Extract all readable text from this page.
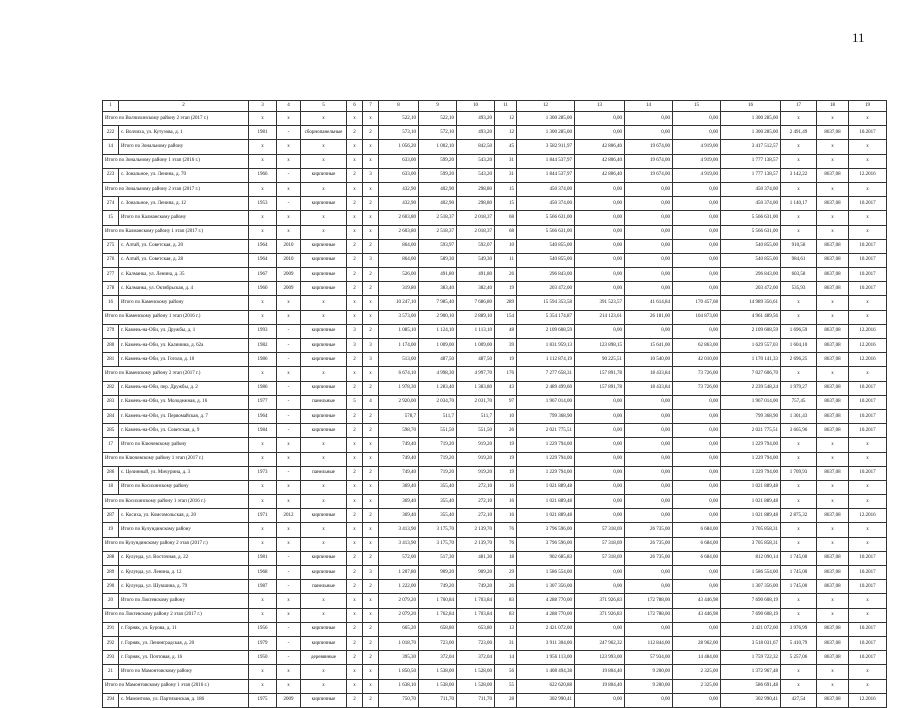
11
1	2	3	4	5	6	7	8	9	10	11	12	13	14	15	16	17	18	19
Итого по Волчихинскому району 2 этап (2017 г.)		x	x	x	x	x	522,10	522,10	493,20	12	1 300 285,00	0,00	0,00	0,00	1 300 285,00	x	x	x
222	с. Волчиха, ул. Кутузова, д. 1	1981	-	сборнопанельные	2	2	573,10	572,10	493,20	12	1 300 285,00	0,00	0,00	0,00	1 300 285,00	2 491,49	8637,08	10.2017
14	Итого по Зональному району	x	x	x	x	x	1 056,20	1 002,10	842,50	45	3 582 911,97	42 806,40	19 674,00	4 919,00	3 417 512,57	x	x	x
Итого по Зональному району 1 этап (2016 г.)		x	x	x	x	x	633,00	599,20	543,20	31	1 844 537,97	42 806,40	19 674,00	4 919,00	1 777 138,57	x	x	x
223	с. Зональное, ул. Ленина, д. 70	1966	-	кирпичные	2	3	633,00	599,20	543,20	31	1 844 537,97	42 806,40	19 674,00	4 919,00	1 777 138,57	3 142,22	8637,08	12.2016
Итого по Зональному району 2 этап (2017 г.)		x	x	x	x	x	432,90	402,90	298,80	15	450 374,00	0,00	0,00	0,00	450 374,00	x	x	x
274	с. Зональное, ул. Ленина, д. 12	1953	-	кирпичные	2	2	432,90	402,90	298,80	15	450 374,00	0,00	0,00	0,00	450 374,00	1 140,17	8637,08	10.2017
15	Итого по Калманскому району	x	x	x	x	x	2 603,80	2 518,37	2 018,37	68	5 566 631,00	0,00	0,00	0,00	5 566 631,00	x	x	x
Итого по Калманскому району 1 этап (2017 г.)		x	x	x	x	x	2 603,80	2 518,37	2 018,37	68	5 566 631,00	0,00	0,00	0,00	5 566 631,00	x	x	x
275	с. Алтай, ул. Советская, д. 20	1964	2010	кирпичные	2	2	864,00	593,97	592,07	10	540 855,00	0,00	0,00	0,00	540 855,00	910,58	8637,08	10.2017
276	с. Алтай, ул. Советская, д. 28	1964	2010	кирпичные	2	3	864,00	589,30	549,30	11	540 855,00	0,00	0,00	0,00	540 855,00	984,61	8637,08	10.2017
277	с. Калманка, ул. Ленина, д. 35	1967	2009	кирпичные	2	2	526,00	491,80	491,80	26	296 843,00	0,00	0,00	0,00	296 843,00	603,58	8637,08	10.2017
278	с. Калманка, ул. Октябрьская, д. 4	1960	2009	кирпичные	2	2	319,80	383,40	382,40	19	203 472,00	0,00	0,00	0,00	203 472,00	535,93	8637,08	10.2017
16	Итого по Каменскому району	x	x	x	x	x	10 247,10	7 985,40	7 686,80	289	15 594 353,58	391 523,57	41 614,84	170 457,68	14 989 356,61	x	x	x
Итого по Каменскому району 1 этап (2016 г.)		x	x	x	x	x	3 573,00	2 900,10	2 889,10	154	5 354 174,87	214 123,61	26 181,00	104 873,00	4 961 489,56	x	x	x
279	г. Камень-на-Оби, ул. Дружбы, д. 1	1993	-	кирпичные	3	2	1 085,10	1 124,10	1 113,10	48	2 109 608,59	0,00	0,00	0,00	2 109 608,59	1 696,59	8637,08	12.2016
280	г. Камень-на-Оби, ул. Калинина, д. 62а	1982	-	кирпичные	3	3	1 174,00	1 009,00	1 009,00	39	1 831 959,13	123 898,15	15 641,00	62 863,00	1 629 557,03	1 604,10	8637,08	12.2016
281	г. Камень-на-Оби, ул. Гоголя, д. 10	1986	-	кирпичные	2	3	513,00	487,50	487,50	19	1 112 874,19	90 225,51	10 540,00	42 010,00	1 170 141,33	2 696,25	8637,08	12.2016
Итого по Каменскому району 2 этап (2017 г.)		x	x	x	x	x	6 674,10	4 998,30	4 997,70	176	7 277 658,31	157 891,78	18 433,84	73 726,00	7 027 606,70	x	x	x
282	г. Камень-на-Оби, пер. Дружбы, д. 2	1986	-	кирпичные	2	2	1 978,30	1 283,40	1 383,80	43	2 489 499,60	157 891,78	18 433,84	73 726,00	2 239 548,24	1 979,27	8637,08	10.2017
283	г. Камень-на-Оби, ул. Молодежная, д. 16	1977	-	панельные	5	4	2 920,00	2 034,70	2 031,70	97	1 967 014,00	0,00	0,00	0,00	1 967 014,00	757,45	8637,08	10.2017
284	г. Камень-на-Оби, ул. Первомайская, д. 7	1964	-	кирпичные	2	2	578,7	511,7	511,7	10	799 368,90	0,00	0,00	0,00	799 368,90	1 301,43	8637,08	10.2017
285	г. Камень-на-Оби, ул. Советская, д. 9	1984	-	кирпичные	2	2	598,70	551,50	551,50	26	2 021 775,51	0,00	0,00	0,00	2 021 775,51	3 665,96	8637,08	10.2017
17	Итого по Ключевскому району	x	x	x	x	x	749,40	719,20	919,20	19	1 229 794,00	0,00	0,00	0,00	1 229 794,00	x	x	x
Итого по Ключевскому району 1 этап (2017 г.)		x	x	x	x	x	749,40	719,20	919,20	19	1 229 794,00	0,00	0,00	0,00	1 229 794,00	x	x	x
286	с. Целинный, ул. Мичурина, д. 3	1973	-	панельные	2	2	749,40	719,20	919,20	19	1 229 794,00	0,00	0,00	0,00	1 229 794,00	1 709,93	8637,08	10.2017
18	Итого по Косихинскому району	x	x	x	x	x	369,40	355,40	272,10	16	1 021 889,48	0,00	0,00	0,00	1 021 889,48	x	x	x
Итого по Косихинскому району 1 этап (2016 г.)		x	x	x	x	x	369,40	355,40	272,10	16	1 021 889,48	0,00	0,00	0,00	1 021 889,48	x	x	x
287	с. Косиха, ул. Комсомольская, д. 20	1971	2012	кирпичные	2	2	369,40	355,40	272,10	16	1 021 889,48	0,00	0,00	0,00	1 021 889,48	2 875,32	8637,08	12.2016
19	Итого по Кулундинскому району	x	x	x	x	x	3 413,90	3 175,70	2 139,70	76	3 796 596,00	57 318,69	26 735,00	6 684,00	3 705 858,31	x	x	x
Итого по Кулундинскому району 2 этап (2017 г.)		x	x	x	x	x	3 413,90	3 175,70	2 139,70	76	3 796 596,00	57 318,69	26 735,00	6 684,00	3 705 858,31	x	x	x
288	с. Кулунда, ул. Восточная, д. 22	1981	-	кирпичные	2	2	572,00	517,30	481,30	18	902 685,83	57 318,69	26 735,00	6 684,00	812 090,14	1 745,00	8637,08	10.2017
289	с. Кулунда, ул. Ленина, д. 12	1968	-	кирпичные	2	3	1 207,80	909,20	909,20	29	1 586 554,00	0,00	0,00	0,00	1 586 554,00	1 745,00	8637,08	10.2017
290	с. Кулунда, ул. Шукшина, д. 79	1987	-	панельные	2	2	1 222,00	749,20	749,20	26	1 307 356,00	0,00	0,00	0,00	1 307 356,00	1 745,00	8637,08	10.2017
20	Итого по Локтевскому району	x	x	x	x	x	2 079,20	1 760,84	1 703,84	83	4 288 770,00	371 926,83	172 788,00	43 446,98	7 690 608,19	x	x	x
Итого по Локтевскому району 2 этап (2017 г.)		x	x	x	x	x	2 079,20	1 762,84	1 703,84	83	4 288 770,00	371 926,83	172 788,00	43 446,98	7 690 608,19	x	x	x
291	г. Горняк, ул. Бурова, д. 11	1956	-	кирпичные	2	2	665,20	658,80	653,80	13	2 421 072,00	0,00	0,00	0,00	2 421 072,00	3 976,99	8637,08	10.2017
292	г. Горняк, ул. Ленинградская, д. 20	1979	-	кирпичные	2	2	1 018,70	723,00	723,00	31	3 911 304,00	247 962,32	112 844,00	28 962,00	3 518 031,67	5 410,79	8637,08	10.2017
293	г. Горняк, ул. Почтовая, д. 16	1950	-	деревянные	2	2	395,30	372,04	372,04	14	1 956 113,00	123 993,00	57 934,00	14 484,00	1 759 722,32	5 257,06	8637,08	10.2017
21	Итого по Мамонтовскому району	x	x	x	x	x	1 850,50	1 538,00	1 528,00	56	1 408 494,38	19 804,40	9 200,00	2 325,00	1 372 967,48	x	x	x
Итого по Мамонтовскому району 1 этап (2016 г.)		x	x	x	x	x	1 638,10	1 538,00	1 528,00	55	622 620,88	19 804,40	9 200,00	2 325,00	586 691,48	x	x	x
294	с. Мамонтово, ул. Партизанская, д. 186	1975	2009	кирпичные	2	2	750,70	711,70	711,70	28	302 990,41	0,00	0,00	0,00	302 990,41	427,54	8637,08	12.2016
